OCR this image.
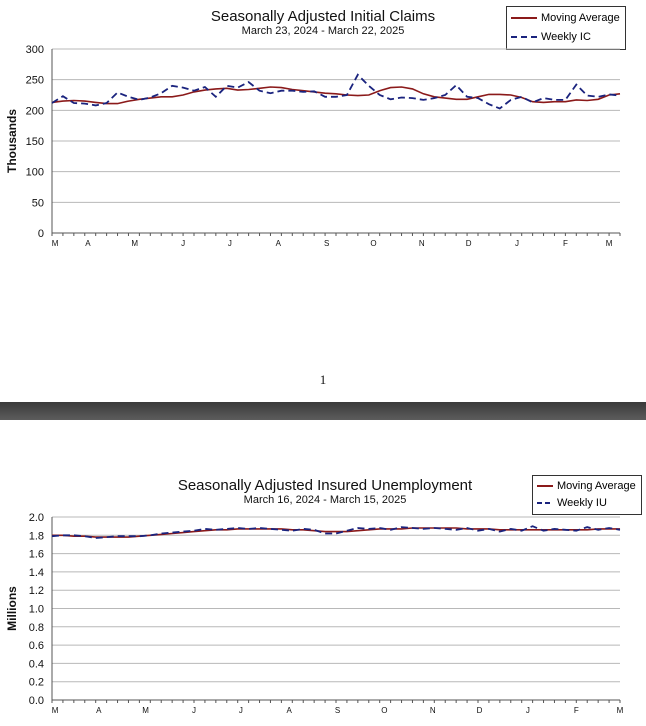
Seasonally Adjusted Initial Claims
March 23, 2024 - March 22, 2025
Moving Average
Weekly IC
0
50
100
150
200
250
300
M	A	M	J	J	A	S	O	N	D	J	F	M
Thousands
1
Seasonally Adjusted Insured Unemployment
March 16, 2024 - March 15, 2025
Moving Average
Weekly IU
0.0
0.2
0.4
0.6
0.8
1.0
1.2
1.4
1.6
1.8
2.0
M	A	M	J	J	A	S	O	N	D	J	F	M
Millions
